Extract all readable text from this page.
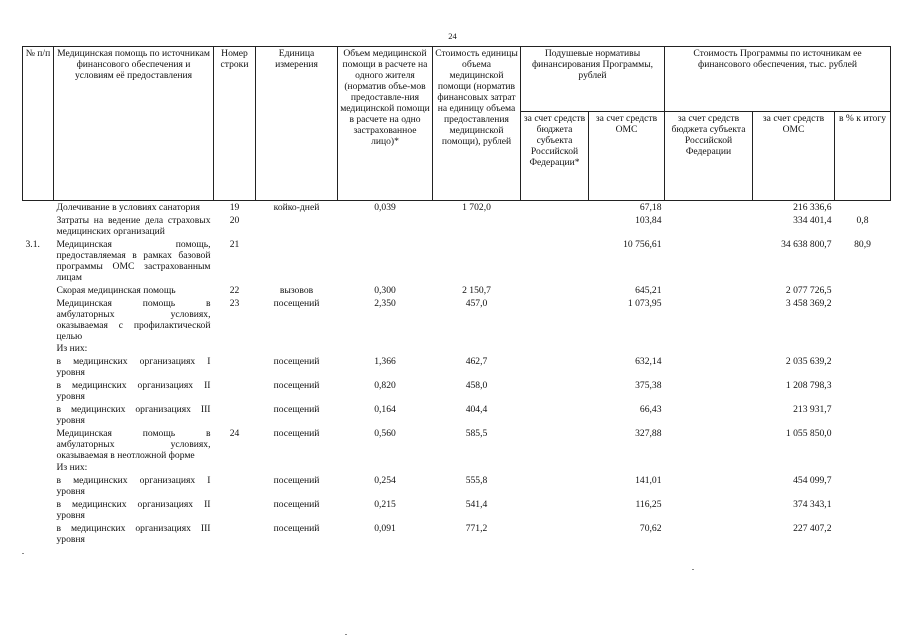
24
№ п/п	Медицинская помощь по источникам финансового обеспечения и условиям её предоставления	Номер строки	Единица измерения	Объем медицинской помощи в расчете на одного жителя (норматив объе-мов предоставле-ния медицинской помощи в расчете на одно застрахованное лицо)*	Стоимость единицы объема медицинской помощи (норматив финансовых затрат на единицу объема предоставления медицинской помощи), рублей	Подушевые нормативы финансирования Программы, рублей		Стоимость Программы по источникам ее финансового обеспечения, тыс. рублей		
						за счет средств бюджета субъекта Российской Федерации*	за счет средств ОМС	за счет средств бюджета субъекта Российской Федерации	за счет средств ОМС	в % к итогу
	Долечивание в условиях санатория	19	койко-дней	0,039	1 702,0		67,18		216 336,6	
	Затраты на ведение дела страховых медицинских организаций	20					103,84		334 401,4	0,8
3.1.	Медицинская помощь, предоставляемая в рамках базовой программы ОМС застрахованным лицам	21					10 756,61		34 638 800,7	80,9
	Скорая медицинская помощь	22	вызовов	0,300	2 150,7		645,21		2 077 726,5	
	Медицинская помощь в амбулаторных условиях, оказываемая с профилактической целью	23	посещений	2,350	457,0		1 073,95		3 458 369,2	
	Из них:									
	в медицинских организациях I уровня		посещений	1,366	462,7		632,14		2 035 639,2	
	в медицинских организациях II уровня		посещений	0,820	458,0		375,38		1 208 798,3	
	в медицинских организациях III уровня		посещений	0,164	404,4		66,43		213 931,7	
	Медицинская помощь в амбулаторных условиях, оказываемая в неотложной форме	24	посещений	0,560	585,5		327,88		1 055 850,0	
	Из них:									
	в медицинских организациях I уровня		посещений	0,254	555,8		141,01		454 099,7	
	в медицинских организациях II уровня		посещений	0,215	541,4		116,25		374 343,1	
	в медицинских организациях III уровня		посещений	0,091	771,2		70,62		227 407,2	
